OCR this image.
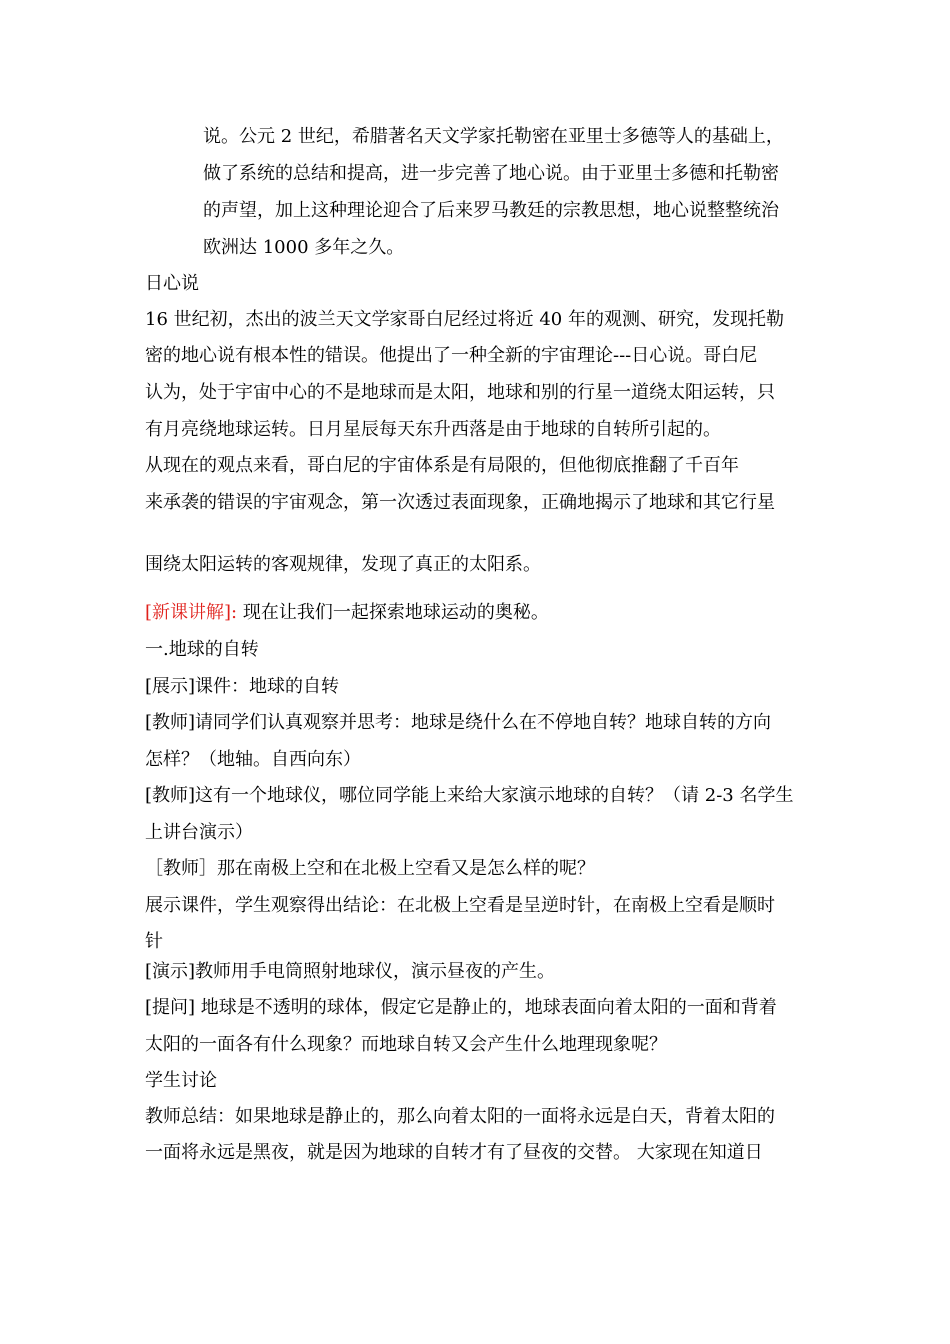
说。公元 2 世纪，希腊著名天文学家托勒密在亚里士多德等人的基础上，
做了系统的总结和提高，进一步完善了地心说。由于亚里士多德和托勒密
的声望，加上这种理论迎合了后来罗马教廷的宗教思想，地心说整整统治
欧洲达 1000 多年之久。
日心说
16 世纪初，杰出的波兰天文学家哥白尼经过将近 40 年的观测、研究，发现托勒
密的地心说有根本性的错误。他提出了一种全新的宇宙理论---日心说。哥白尼
认为，处于宇宙中心的不是地球而是太阳，地球和别的行星一道绕太阳运转，只
有月亮绕地球运转。日月星辰每天东升西落是由于地球的自转所引起的。
从现在的观点来看，哥白尼的宇宙体系是有局限的，但他彻底推翻了千百年
来承袭的错误的宇宙观念，第一次透过表面现象，正确地揭示了地球和其它行星
围绕太阳运转的客观规律，发现了真正的太阳系。
[新课讲解]: 现在让我们一起探索地球运动的奥秘。
一.地球的自转
[展示]课件：地球的自转
[教师]请同学们认真观察并思考：地球是绕什么在不停地自转？地球自转的方向
怎样？（地轴。自西向东）
[教师]这有一个地球仪，哪位同学能上来给大家演示地球的自转？（请 2-3 名学生
上讲台演示）
［教师］那在南极上空和在北极上空看又是怎么样的呢？
展示课件，学生观察得出结论：在北极上空看是呈逆时针，在南极上空看是顺时
针
[演示]教师用手电筒照射地球仪，演示昼夜的产生。
[提问] 地球是不透明的球体，假定它是静止的，地球表面向着太阳的一面和背着
太阳的一面各有什么现象？而地球自转又会产生什么地理现象呢？
学生讨论
教师总结：如果地球是静止的，那么向着太阳的一面将永远是白天，背着太阳的
一面将永远是黑夜，就是因为地球的自转才有了昼夜的交替。 大家现在知道日
